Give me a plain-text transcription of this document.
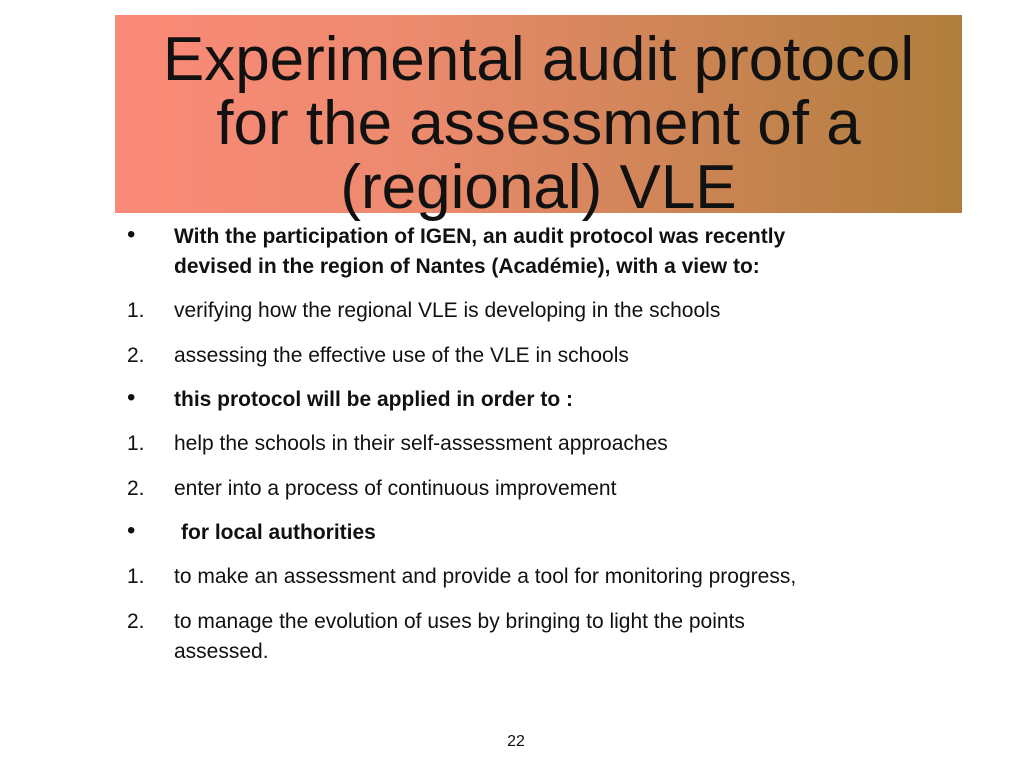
Experimental audit protocol
for the assessment of a
(regional) VLE
• With the participation of IGEN, an audit protocol was recently
devised in the region of Nantes (Académie), with a view to:
1. verifying how the regional VLE is developing in the schools
2. assessing the effective use of the VLE in schools
• this protocol will be applied in order to :
1. help the schools in their self-assessment approaches
2. enter into a process of continuous improvement
• for local authorities
1. to make an assessment and provide a tool for monitoring progress,
2. to manage the evolution of uses by bringing to light the points
assessed.
22
